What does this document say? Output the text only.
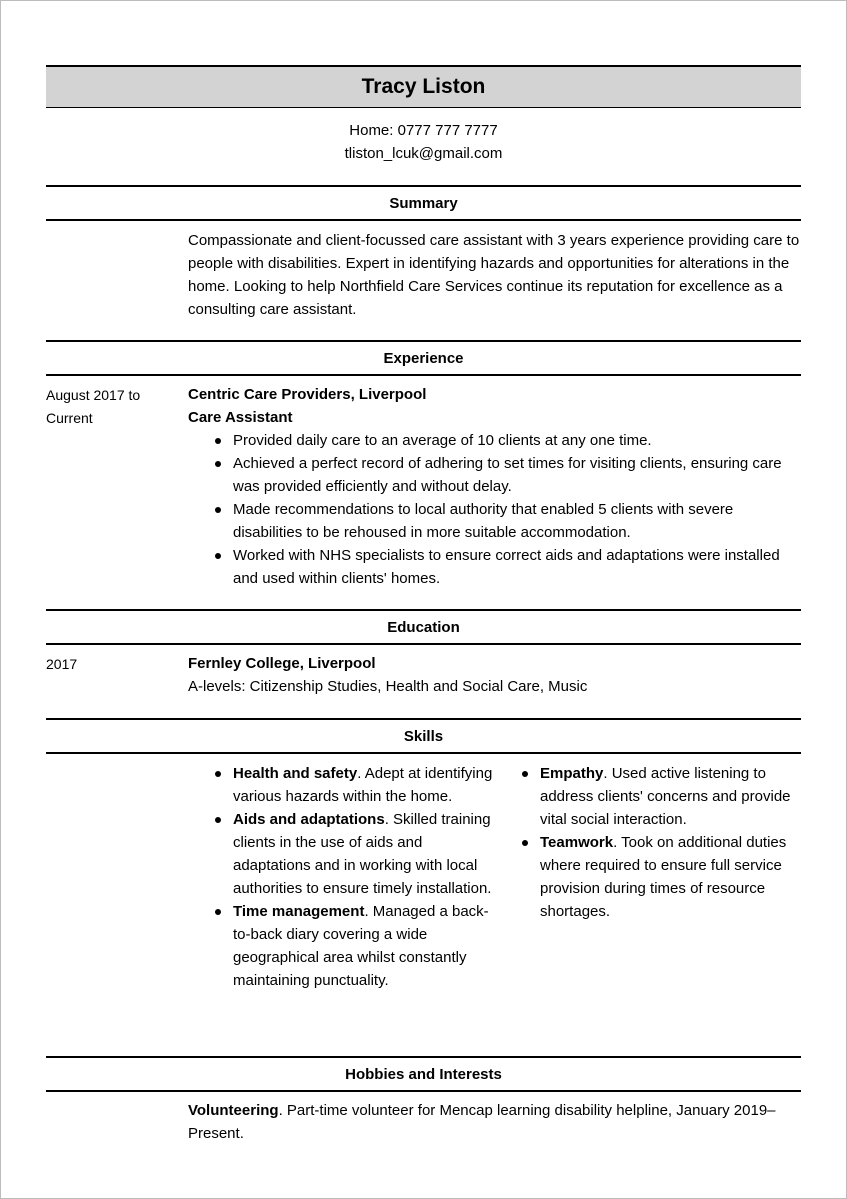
Tracy Liston
Home: 0777 777 7777
tliston_lcuk@gmail.com
Summary

Compassionate and client-focussed care assistant with 3 years experience providing care to people with disabilities. Expert in identifying hazards and opportunities for alterations in the home. Looking to help Northfield Care Services continue its reputation for excellence as a consulting care assistant.

Experience
August 2017 to
Current
Centric Care Providers, Liverpool
Care Assistant
Provided daily care to an average of 10 clients at any one time.
Achieved a perfect record of adhering to set times for visiting clients, ensuring care was provided efficiently and without delay.
Made recommendations to local authority that enabled 5 clients with severe disabilities to be rehoused in more suitable accommodation.
Worked with NHS specialists to ensure correct aids and adaptations were installed and used within clients' homes.
Education
2017	Fernley College, Liverpool
A-levels: Citizenship Studies, Health and Social Care, Music
Skills
Health and safety. Adept at identifying various hazards within the home.
Aids and adaptations. Skilled training clients in the use of aids and adaptations and in working with local authorities to ensure timely installation.
Time management. Managed a back-to-back diary covering a wide geographical area whilst constantly maintaining punctuality.
Empathy. Used active listening to address clients' concerns and provide vital social interaction.
Teamwork. Took on additional duties where required to ensure full service provision during times of resource shortages.
Hobbies and Interests

Volunteering. Part-time volunteer for Mencap learning disability helpline, January 2019–Present.
